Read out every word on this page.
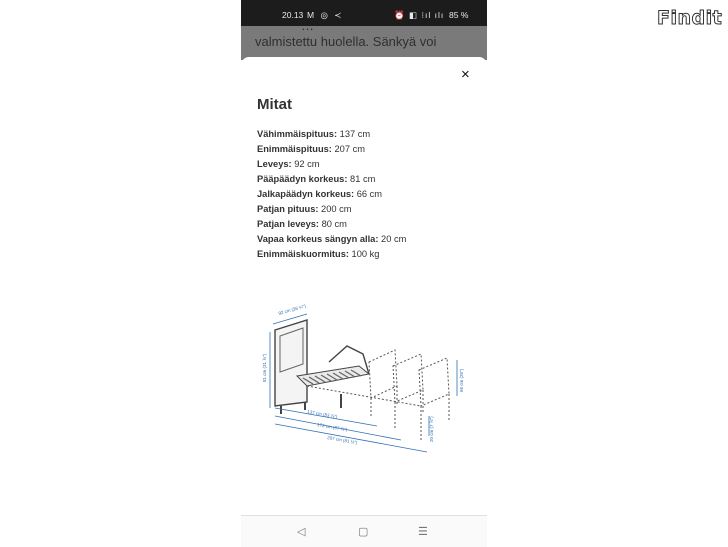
20.13 M ◎ ≺	⏰ ◧ ⁝ıl ılı 85 %
…
valmistettu huolella. Sänkyä voi
×
Mitat
Vähimmäispituus: 137 cm
Enimmäispituus: 207 cm
Leveys: 92 cm
Pääpäädyn korkeus: 81 cm
Jalkapäädyn korkeus: 66 cm
Patjan pituus: 200 cm
Patjan leveys: 80 cm
Vapaa korkeus sängyn alla: 20 cm
Enimmäiskuormitus: 100 kg
92 cm (36 ¼")
81 cm (31 ⅞")	66 cm (26")
20 cm (7 ⅞")
137 cm (53 ⅞")
172 cm (67 ¾")
207 cm (81 ½")
◁	▢	☰
Findit
